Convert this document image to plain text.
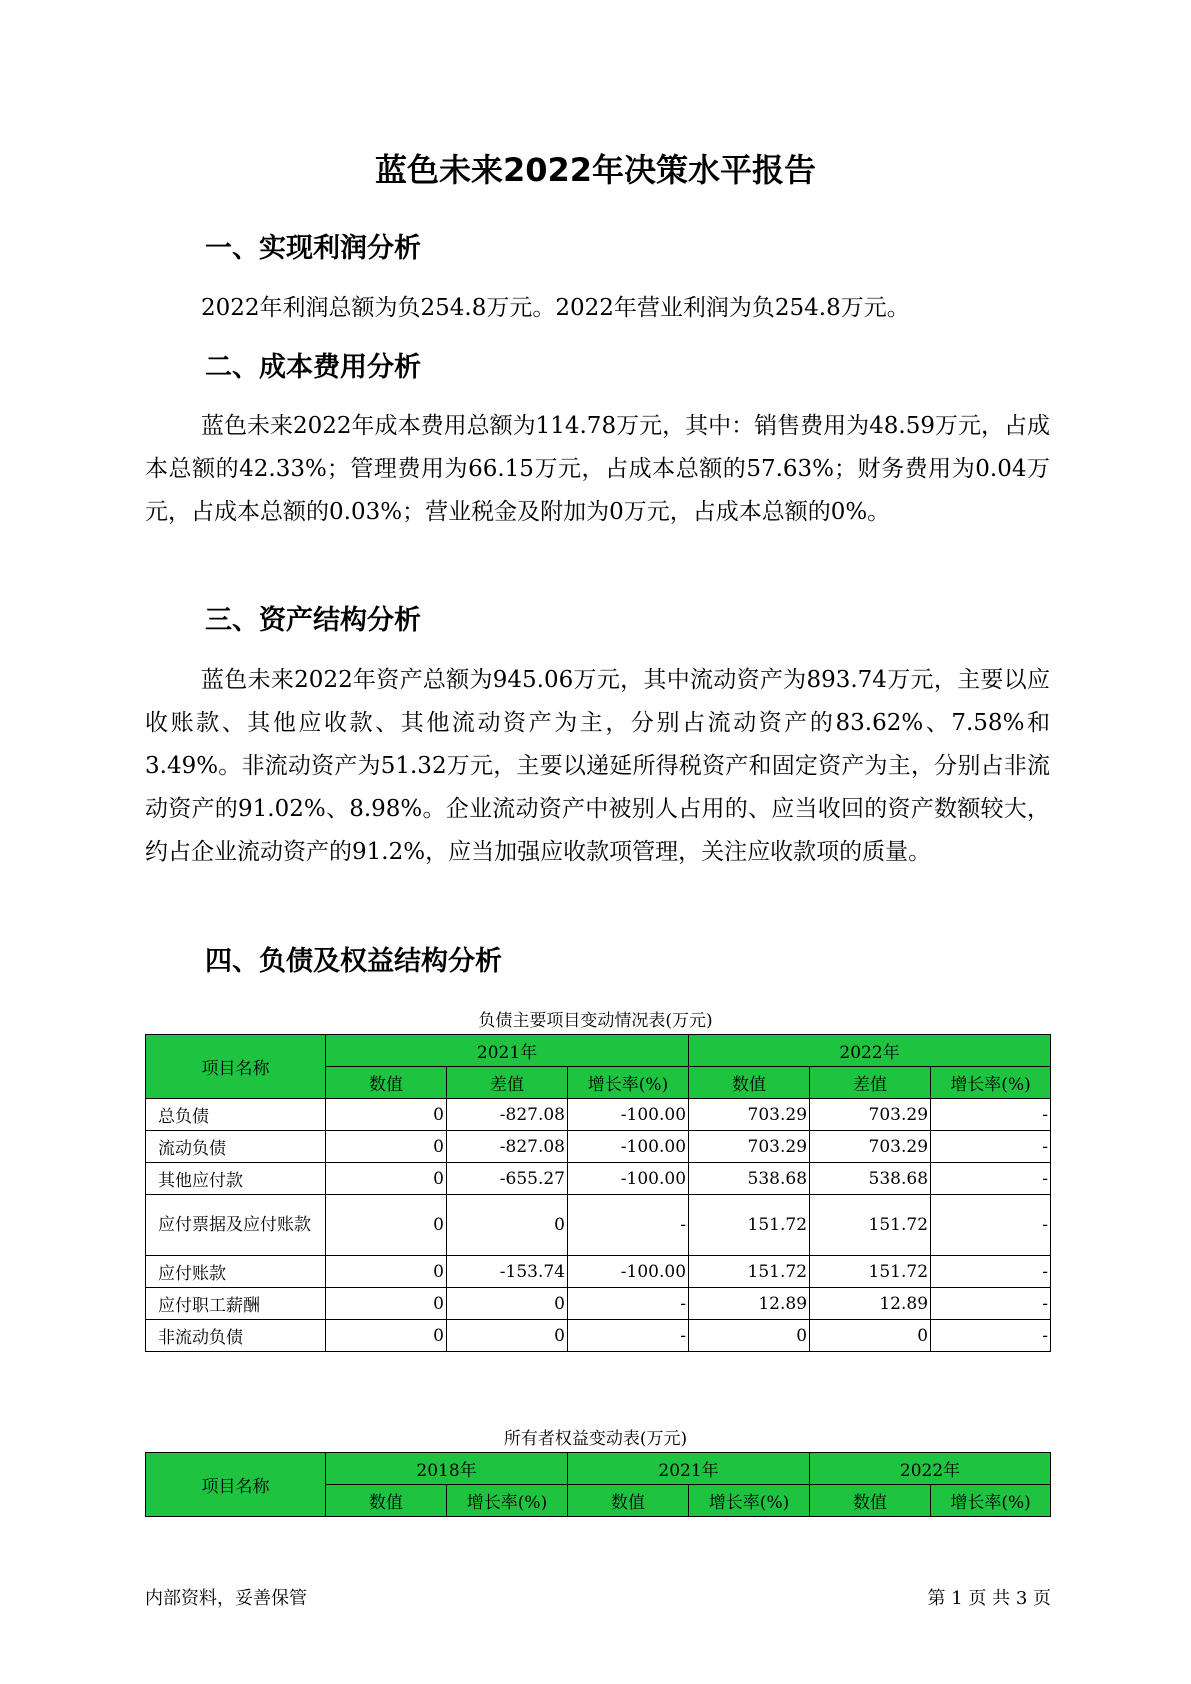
蓝色未来2022年决策水平报告
一、实现利润分析

2022年利润总额为负254.8万元。2022年营业利润为负254.8万元。

二、成本费用分析

蓝色未来2022年成本费用总额为114.78万元，其中：销售费用为48.59万元，占成本总额的42.33%；管理费用为66.15万元，占成本总额的57.63%；财务费用为0.04万元，占成本总额的0.03%；营业税金及附加为0万元，占成本总额的0%。

三、资产结构分析

蓝色未来2022年资产总额为945.06万元，其中流动资产为893.74万元，主要以应收账款、其他应收款、其他流动资产为主，分别占流动资产的83.62%、7.58%和3.49%。非流动资产为51.32万元，主要以递延所得税资产和固定资产为主，分别占非流动资产的91.02%、8.98%。企业流动资产中被别人占用的、应当收回的资产数额较大，约占企业流动资产的91.2%，应当加强应收款项管理，关注应收款项的质量。

四、负债及权益结构分析
负债主要项目变动情况表(万元)
项目名称	2021年			2022年		
	数值	差值	增长率(%)	数值	差值	增长率(%)
总负债	0	-827.08	-100.00	703.29	703.29	-
流动负债	0	-827.08	-100.00	703.29	703.29	-
其他应付款	0	-655.27	-100.00	538.68	538.68	-
应付票据及应付账款	0	0	-	151.72	151.72	-
应付账款	0	-153.74	-100.00	151.72	151.72	-
应付职工薪酬	0	0	-	12.89	12.89	-
非流动负债	0	0	-	0	0	-
所有者权益变动表(万元)
项目名称	2018年		2021年		2022年	
	数值	增长率(%)	数值	增长率(%)	数值	增长率(%)
内部资料，妥善保管	第 1 页 共 3 页
